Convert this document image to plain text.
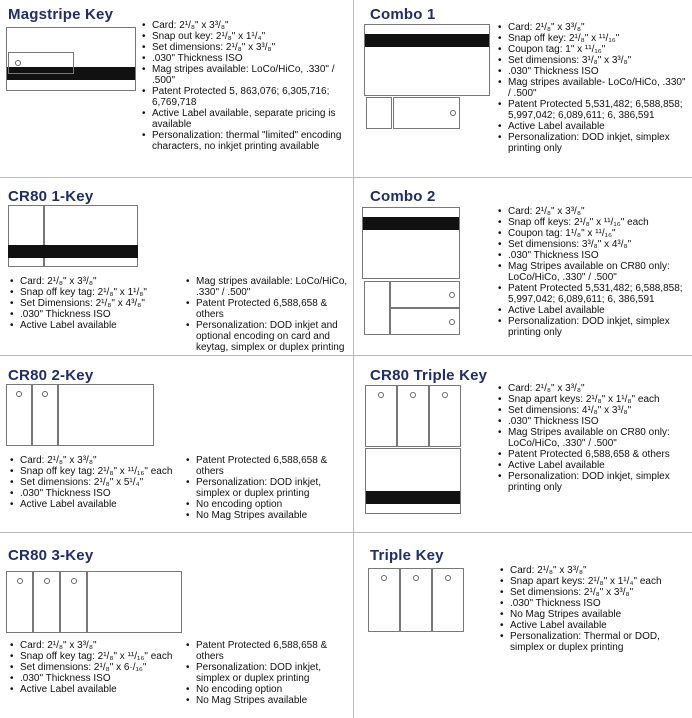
Magstripe Key
• Card: 2¹/₈" x 3³/₈"
• Snap out key: 2¹/₈" x 1¹/₄"
• Set dimensions: 2¹/₈" x 3³/₈"
• .030" Thickness ISO
• Mag stripes available: LoCo/HiCo, .330" / .500"
• Patent Protected 5, 863,076; 6,305,716; 6,769,718
• Active Label available, separate pricing is available
• Personalization: thermal "limited" encoding characters, no inkjet printing available
Combo 1
• Card: 2¹/₈" x 3³/₈"
• Snap off key: 2¹/₈" x ¹¹/₁₆"
• Coupon tag: 1" x ¹¹/₁₆"
• Set dimensions: 3¹/₈" x 3³/₈"
• .030" Thickness ISO
• Mag stripes available- LoCo/HiCo, .330" / .500"
• Patent Protected 5,531,482; 6,588,858; 5,997,042; 6,089,611; 6, 386,591
• Active Label available
• Personalization: DOD inkjet, simplex printing only
CR80 1-Key
• Card: 2¹/₈" x 3³/₈"
• Snap off key tag: 2¹/₈" x 1¹/₈"
• Set Dimensions: 2¹/₈" x 4³/₈"
• .030" Thickness ISO
• Active Label available
• Mag stripes available: LoCo/HiCo, .330" / .500"
• Patent Protected 6,588,658 & others
• Personalization: DOD inkjet and optional encoding on card and keytag, simplex or duplex printing
Combo 2
• Card: 2¹/₈" x 3³/₈"
• Snap off keys: 2¹/₈" x ¹¹/₁₆" each
• Coupon tag: 1¹/₈" x ¹¹/₁₆"
• Set dimensions: 3³/₈" x 4³/₈"
• .030" Thickness ISO
• Mag Stripes available on CR80 only: LoCo/HiCo, .330" / .500"
• Patent Protected 5,531,482; 6,588,858; 5,997,042; 6,089,611; 6, 386,591
• Active Label available
• Personalization: DOD inkjet, simplex printing only
CR80 2-Key
• Card: 2¹/₈" x 3³/₈"
• Snap off key tag: 2¹/₈" x ¹¹/₁₆" each
• Set dimensions: 2¹/₈" x 5¹/₄"
• .030" Thickness ISO
• Active Label available
• Patent Protected 6,588,658 & others
• Personalization: DOD inkjet, simplex or duplex printing
• No encoding option
• No Mag Stripes available
CR80 Triple Key
• Card: 2¹/₈" x 3³/₈"
• Snap apart keys: 2¹/₈" x 1¹/₈" each
• Set dimensions: 4¹/₈" x 3³/₈"
• .030" Thickness ISO
• Mag Stripes available on CR80 only: LoCo/HiCo, .330" / .500"
• Patent Protected 6,588,658 & others
• Active Label available
• Personalization: DOD inkjet, simplex printing only
CR80 3-Key
• Card: 2¹/₈" x 3³/₈"
• Snap off key tag: 2¹/₈" x ¹¹/₁₆" each
• Set dimensions: 2¹/₈" x 6·/₁₆"
• .030" Thickness ISO
• Active Label available
• Patent Protected 6,588,658 & others
• Personalization: DOD inkjet, simplex or duplex printing
• No encoding option
• No Mag Stripes available
Triple Key
• Card: 2¹/₈" x 3³/₈"
• Snap apart keys: 2¹/₈" x 1¹/₄" each
• Set dimensions: 2¹/₈" x 3³/₈"
• .030" Thickness ISO
• No Mag Stripes available
• Active Label available
• Personalization: Thermal or DOD, simplex or duplex printing
